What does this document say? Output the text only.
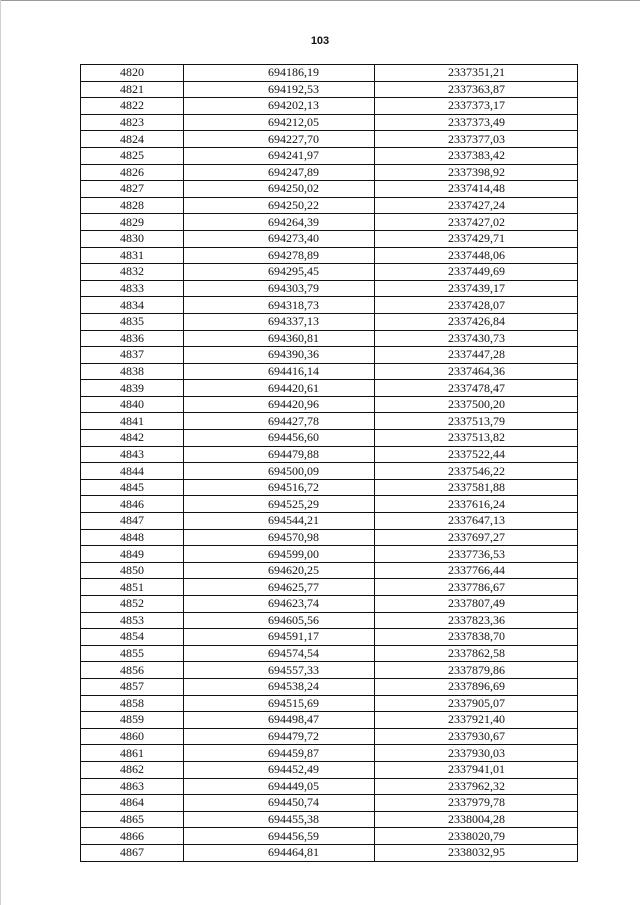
103
4820	694186,19	2337351,21
4821	694192,53	2337363,87
4822	694202,13	2337373,17
4823	694212,05	2337373,49
4824	694227,70	2337377,03
4825	694241,97	2337383,42
4826	694247,89	2337398,92
4827	694250,02	2337414,48
4828	694250,22	2337427,24
4829	694264,39	2337427,02
4830	694273,40	2337429,71
4831	694278,89	2337448,06
4832	694295,45	2337449,69
4833	694303,79	2337439,17
4834	694318,73	2337428,07
4835	694337,13	2337426,84
4836	694360,81	2337430,73
4837	694390,36	2337447,28
4838	694416,14	2337464,36
4839	694420,61	2337478,47
4840	694420,96	2337500,20
4841	694427,78	2337513,79
4842	694456,60	2337513,82
4843	694479,88	2337522,44
4844	694500,09	2337546,22
4845	694516,72	2337581,88
4846	694525,29	2337616,24
4847	694544,21	2337647,13
4848	694570,98	2337697,27
4849	694599,00	2337736,53
4850	694620,25	2337766,44
4851	694625,77	2337786,67
4852	694623,74	2337807,49
4853	694605,56	2337823,36
4854	694591,17	2337838,70
4855	694574,54	2337862,58
4856	694557,33	2337879,86
4857	694538,24	2337896,69
4858	694515,69	2337905,07
4859	694498,47	2337921,40
4860	694479,72	2337930,67
4861	694459,87	2337930,03
4862	694452,49	2337941,01
4863	694449,05	2337962,32
4864	694450,74	2337979,78
4865	694455,38	2338004,28
4866	694456,59	2338020,79
4867	694464,81	2338032,95
